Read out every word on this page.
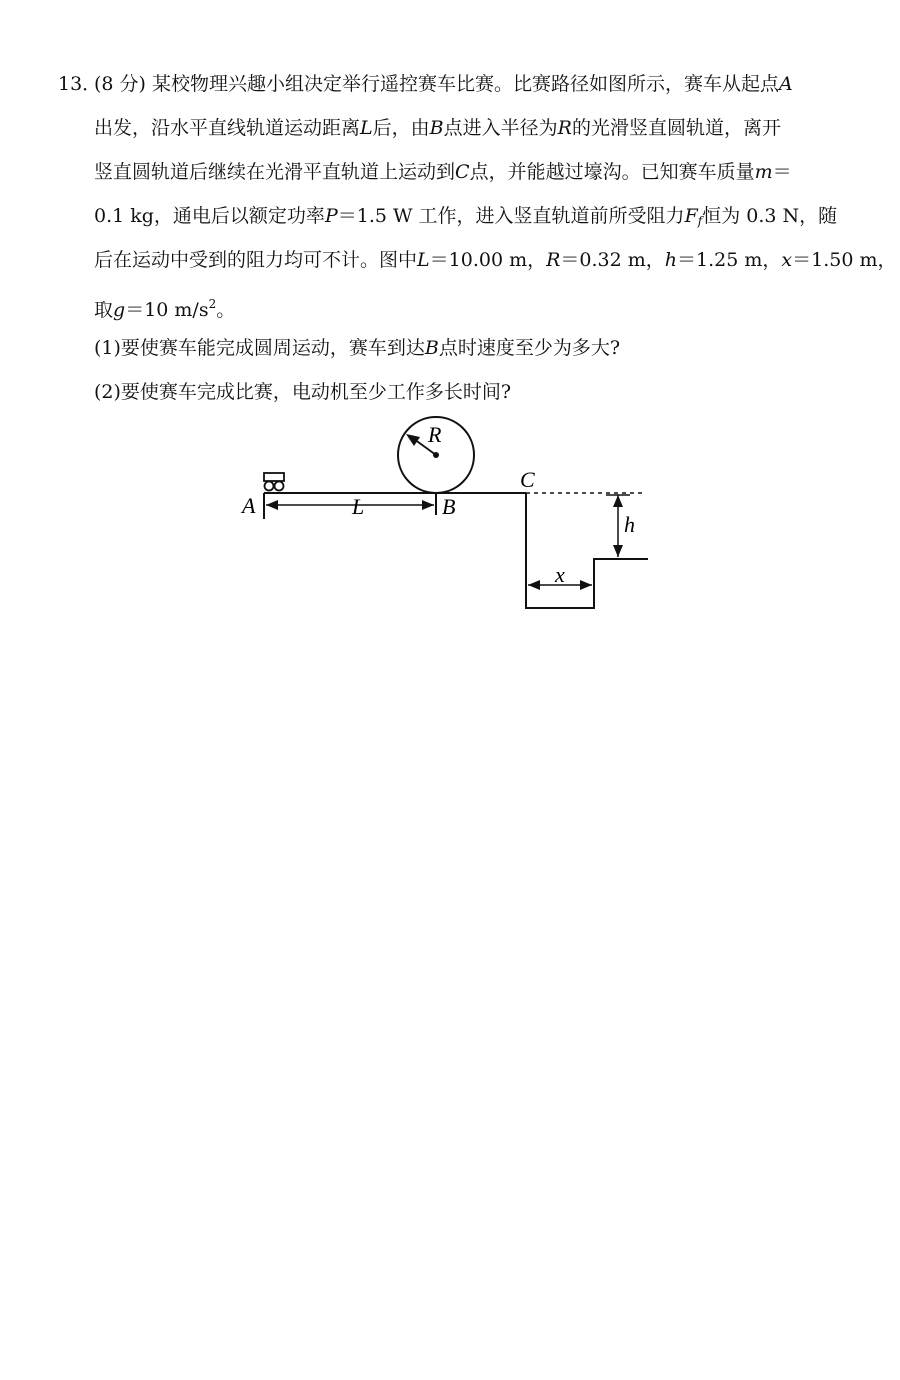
13．(8 分) 某校物理兴趣小组决定举行遥控赛车比赛。比赛路径如图所示，赛车从起点A
出发，沿水平直线轨道运动距离L后，由B点进入半径为R的光滑竖直圆轨道，离开
竖直圆轨道后继续在光滑平直轨道上运动到C点，并能越过壕沟。已知赛车质量m＝
0.1 kg，通电后以额定功率P＝1.5 W 工作，进入竖直轨道前所受阻力$F_f$恒为 0.3 N，随
后在运动中受到的阻力均可不计。图中L＝10.00 m，R＝0.32 m，h＝1.25 m，x＝1.50 m，
取g＝10 $m/s^2$。
(1)要使赛车能完成圆周运动，赛车到达B点时速度至少为多大?
(2)要使赛车完成比赛，电动机至少工作多长时间?
A	L	B
R
C
h
x
